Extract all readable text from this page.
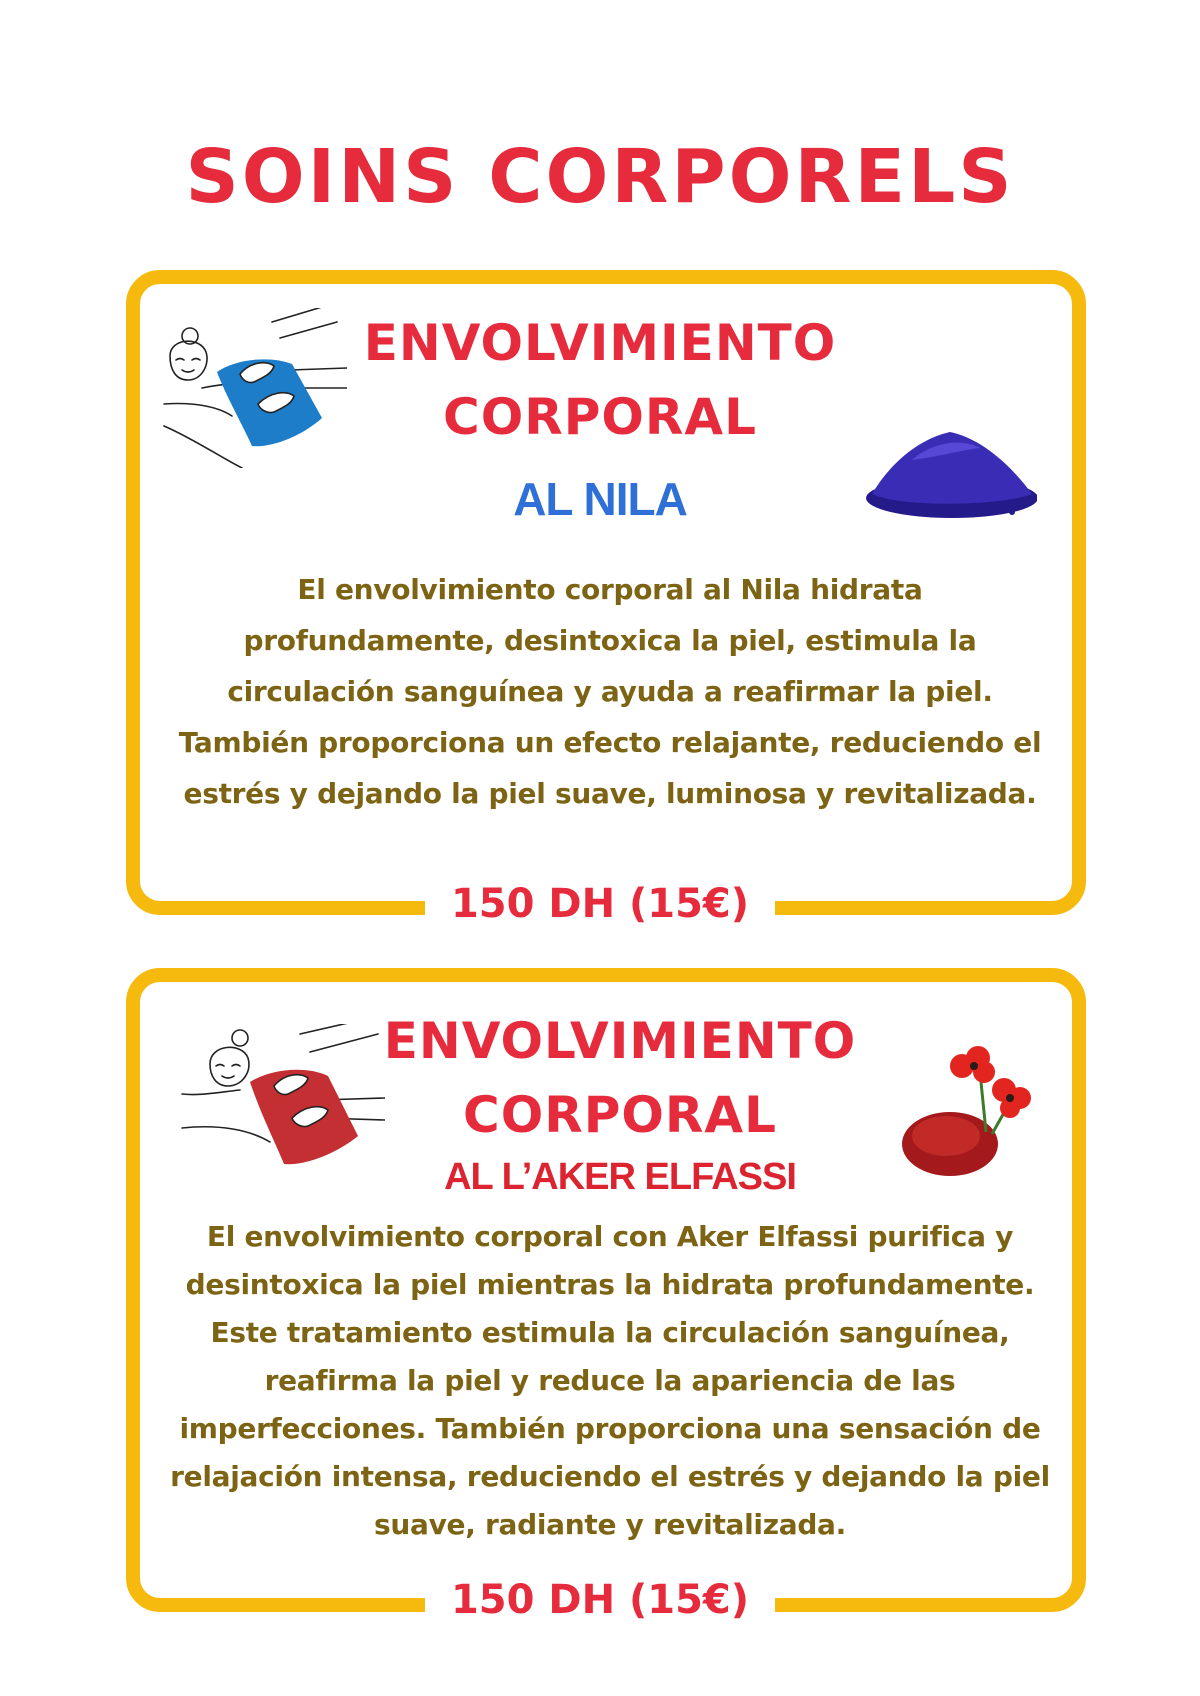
SOINS CORPORELS
ENVOLVIMIENTO
CORPORAL
AL NILA

El envolvimiento corporal al Nila hidrata profundamente, desintoxica la piel, estimula la circulación sanguínea y ayuda a reafirmar la piel. También proporciona un efecto relajante, reduciendo el estrés y dejando la piel suave, luminosa y revitalizada.

150 DH (15€)
ENVOLVIMIENTO
CORPORAL
AL L’AKER ELFASSI

El envolvimiento corporal con Aker Elfassi purifica y desintoxica la piel mientras la hidrata profundamente. Este tratamiento estimula la circulación sanguínea, reafirma la piel y reduce la apariencia de las imperfecciones. También proporciona una sensación de relajación intensa, reduciendo el estrés y dejando la piel suave, radiante y revitalizada.

150 DH (15€)
